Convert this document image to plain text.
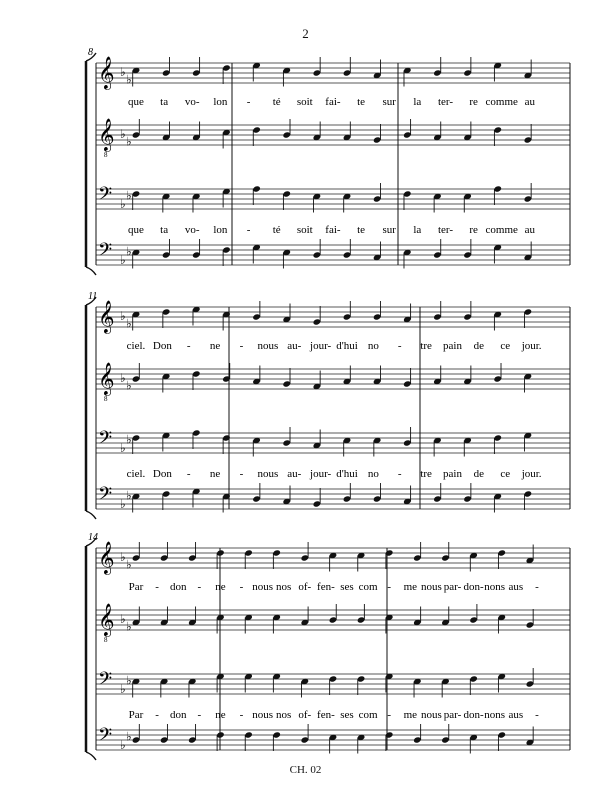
2
8
𝄞 ♭
♭
𝄞
8
♭
♭
𝄢 ♭
♭
𝄢 ♭
♭
que ta vo- lon - té soit fai- te sur la ter- re comme au
que ta vo- lon - té soit fai- te sur la ter- re comme au
11
𝄞 ♭
♭
𝄞
8
♭
♭
𝄢 ♭
♭
𝄢 ♭
♭
ciel. Don - ne - nous au- jour- d'hui no - tre pain de ce jour.
ciel. Don - ne - nous au- jour- d'hui no - tre pain de ce jour.
14
𝄞 ♭
♭
𝄞
8
♭
♭
𝄢 ♭
♭
𝄢 ♭
♭
Par - don - ne - nous nos of- fen- ses com - me nous par- don- nons aus -
Par - don - ne - nous nos of- fen- ses com - me nous par- don- nons aus -
CH. 02
